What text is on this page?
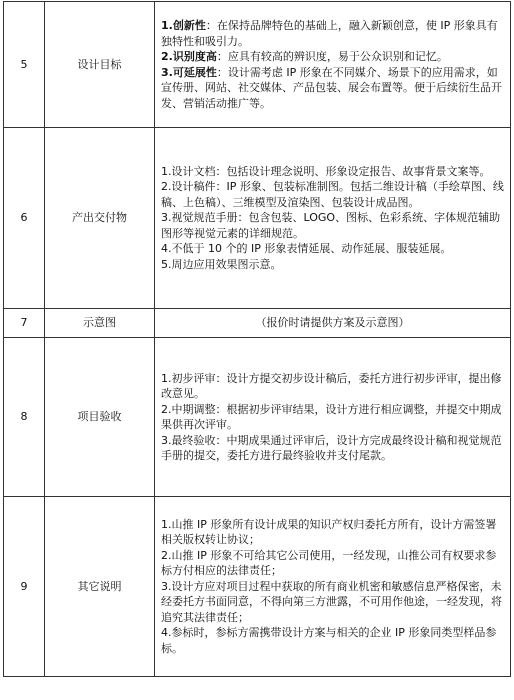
5	设计目标	1.创新性：在保持品牌特色的基础上，融入新颖创意，使 IP 形象具有独特性和吸引力。

2.识别度高：应具有较高的辨识度，易于公众识别和记忆。

3.可延展性：设计需考虑 IP 形象在不同媒介、场景下的应用需求，如宣传册、网站、社交媒体、产品包装、展会布置等。便于后续衍生品开发、营销活动推广等。

6	产出交付物	1.设计文档：包括设计理念说明、形象设定报告、故事背景文案等。

2.设计稿件：IP 形象、包装标准制图。包括二维设计稿（手绘草图、线稿、上色稿）、三维模型及渲染图、包装设计成品图。

3.视觉规范手册：包含包装、LOGO、图标、色彩系统、字体规范辅助图形等视觉元素的详细规范。

4.不低于 10 个的 IP 形象表情延展、动作延展、服装延展。

5.周边应用效果图示意。

7	示意图	（报价时请提供方案及示意图）
8	项目验收	1.初步评审：设计方提交初步设计稿后，委托方进行初步评审，提出修改意见。

2.中期调整：根据初步评审结果，设计方进行相应调整，并提交中期成果供再次评审。

3.最终验收：中期成果通过评审后，设计方完成最终设计稿和视觉规范手册的提交，委托方进行最终验收并支付尾款。

9	其它说明	1.山推 IP 形象所有设计成果的知识产权归委托方所有，设计方需签署相关版权转让协议；

2.山推 IP 形象不可给其它公司使用，一经发现，山推公司有权要求参标方付相应的法律责任；

3.设计方应对项目过程中获取的所有商业机密和敏感信息严格保密，未经委托方书面同意，不得向第三方泄露，不可用作他途，一经发现，将追究其法律责任；

4.参标时，参标方需携带设计方案与相关的企业 IP 形象同类型样品参标。
